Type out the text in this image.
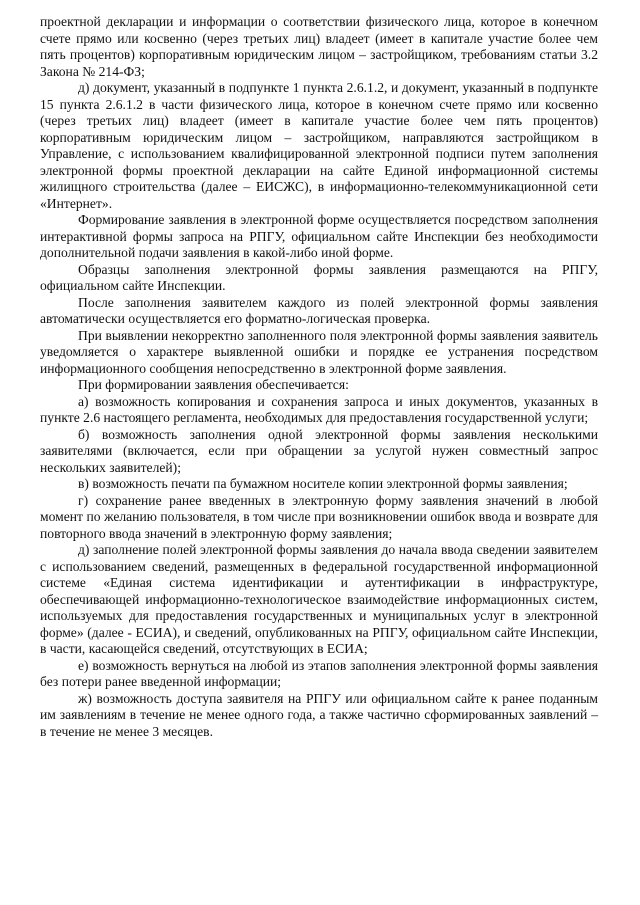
проектной декларации и информации о соответствии физического лица, которое в конечном счете прямо или косвенно (через третьих лиц) владеет (имеет в капитале участие более чем пять процентов) корпоративным юридическим лицом – застройщиком, требованиям статьи 3.2 Закона № 214-ФЗ;

д) документ, указанный в подпункте 1 пункта 2.6.1.2, и документ, указанный в подпункте 15 пункта 2.6.1.2 в части физического лица, которое в конечном счете прямо или косвенно (через третьих лиц) владеет (имеет в капитале участие более чем пять процентов) корпоративным юридическим лицом – застройщиком, направляются застройщиком в Управление, с использованием квалифицированной электронной подписи путем заполнения электронной формы проектной декларации на сайте Единой информационной системы жилищного строительства (далее – ЕИСЖС), в информационно-телекоммуникационной сети «Интернет».

Формирование заявления в электронной форме осуществляется посредством заполнения интерактивной формы запроса на РПГУ, официальном сайте Инспекции без необходимости дополнительной подачи заявления в какой-либо иной форме.

Образцы заполнения электронной формы заявления размещаются на РПГУ, официальном сайте Инспекции.

После заполнения заявителем каждого из полей электронной формы заявления автоматически осуществляется его форматно-логическая проверка.

При выявлении некорректно заполненного поля электронной формы заявления заявитель уведомляется о характере выявленной ошибки и порядке ее устранения посредством информационного сообщения непосредственно в электронной форме заявления.

При формировании заявления обеспечивается:

а) возможность копирования и сохранения запроса и иных документов, указанных в пункте 2.6 настоящего регламента, необходимых для предоставления государственной услуги;

б) возможность заполнения одной электронной формы заявления несколькими заявителями (включается, если при обращении за услугой нужен совместный запрос нескольких заявителей);

в) возможность печати па бумажном носителе копии электронной формы заявления;

г) сохранение ранее введенных в электронную форму заявления значений в любой момент по желанию пользователя, в том числе при возникновении ошибок ввода и возврате для повторного ввода значений в электронную форму заявления;

д) заполнение полей электронной формы заявления до начала ввода сведении заявителем с использованием сведений, размещенных в федеральной государственной информационной системе «Единая система идентификации и аутентификации в инфраструктуре, обеспечивающей информационно-технологическое взаимодействие информационных систем, используемых для предоставления государственных и муниципальных услуг в электронной форме» (далее - ЕСИА), и сведений, опубликованных на РПГУ, официальном сайте Инспекции, в части, касающейся сведений, отсутствующих в ЕСИА;

е) возможность вернуться на любой из этапов заполнения электронной формы заявления без потери ранее введенной информации;

ж) возможность доступа заявителя на РПГУ или официальном сайте к ранее поданным им заявлениям в течение не менее одного года, а также частично сформированных заявлений – в течение не менее 3 месяцев.
